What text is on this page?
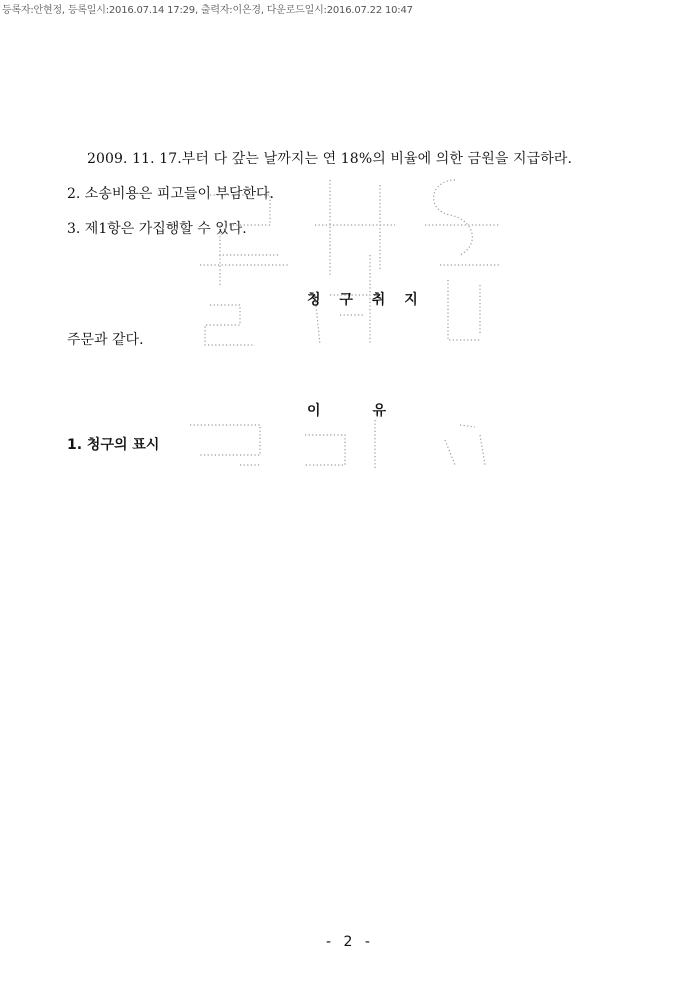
등록자:안현정, 등록일시:2016.07.14 17:29, 출력자:이은경, 다운로드일시:2016.07.22 10:47
2009. 11. 17.부터 다 갚는 날까지는 연 18%의 비율에 의한 금원을 지급하라.
2. 소송비용은 피고들이 부담한다.
3. 제1항은 가집행할 수 있다.
청 구 취 지
주문과 같다.
이	유
1. 청구의 표시
- 2 -
